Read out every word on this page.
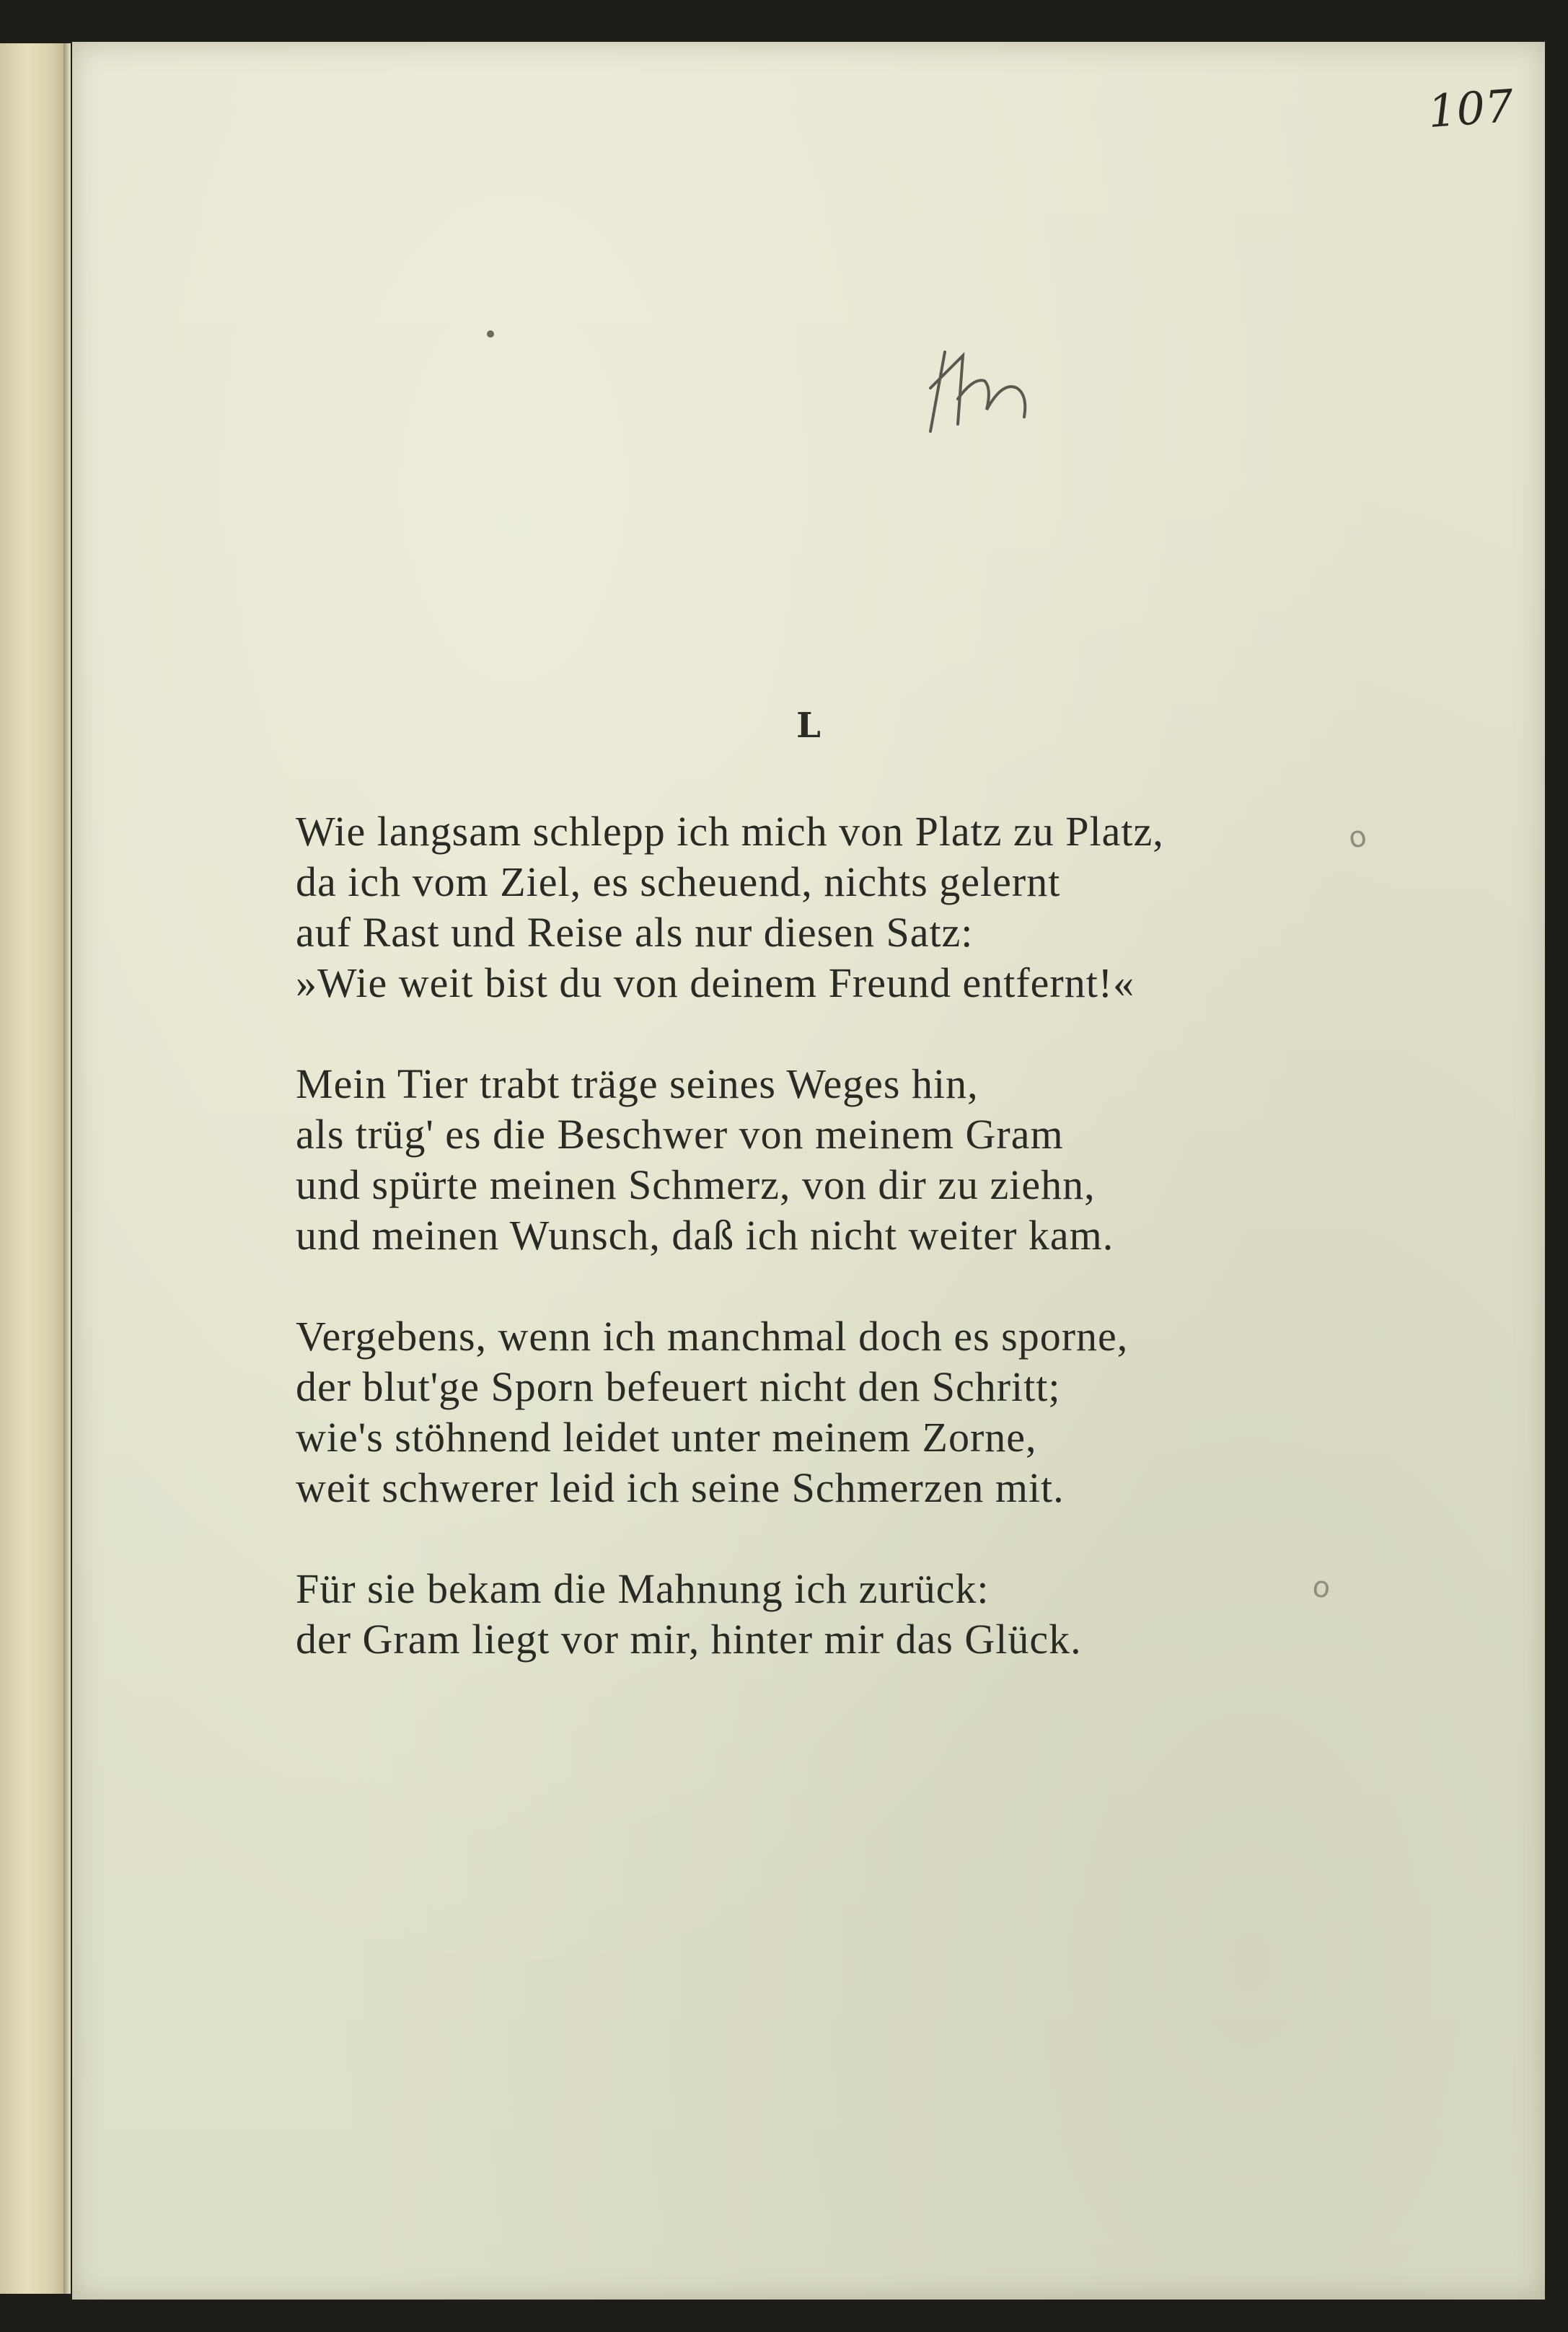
107
L
Wie langsam schlepp ich mich von Platz zu Platz,
da ich vom Ziel, es scheuend, nichts gelernt
auf Rast und Reise als nur diesen Satz:
»Wie weit bist du von deinem Freund entfernt!«
Mein Tier trabt träge seines Weges hin,
als trüg' es die Beschwer von meinem Gram
und spürte meinen Schmerz, von dir zu ziehn,
und meinen Wunsch, daß ich nicht weiter kam.
Vergebens, wenn ich manchmal doch es sporne,
der blut'ge Sporn befeuert nicht den Schritt;
wie's stöhnend leidet unter meinem Zorne,
weit schwerer leid ich seine Schmerzen mit.
Für sie bekam die Mahnung ich zurück:
der Gram liegt vor mir, hinter mir das Glück.
o
o
